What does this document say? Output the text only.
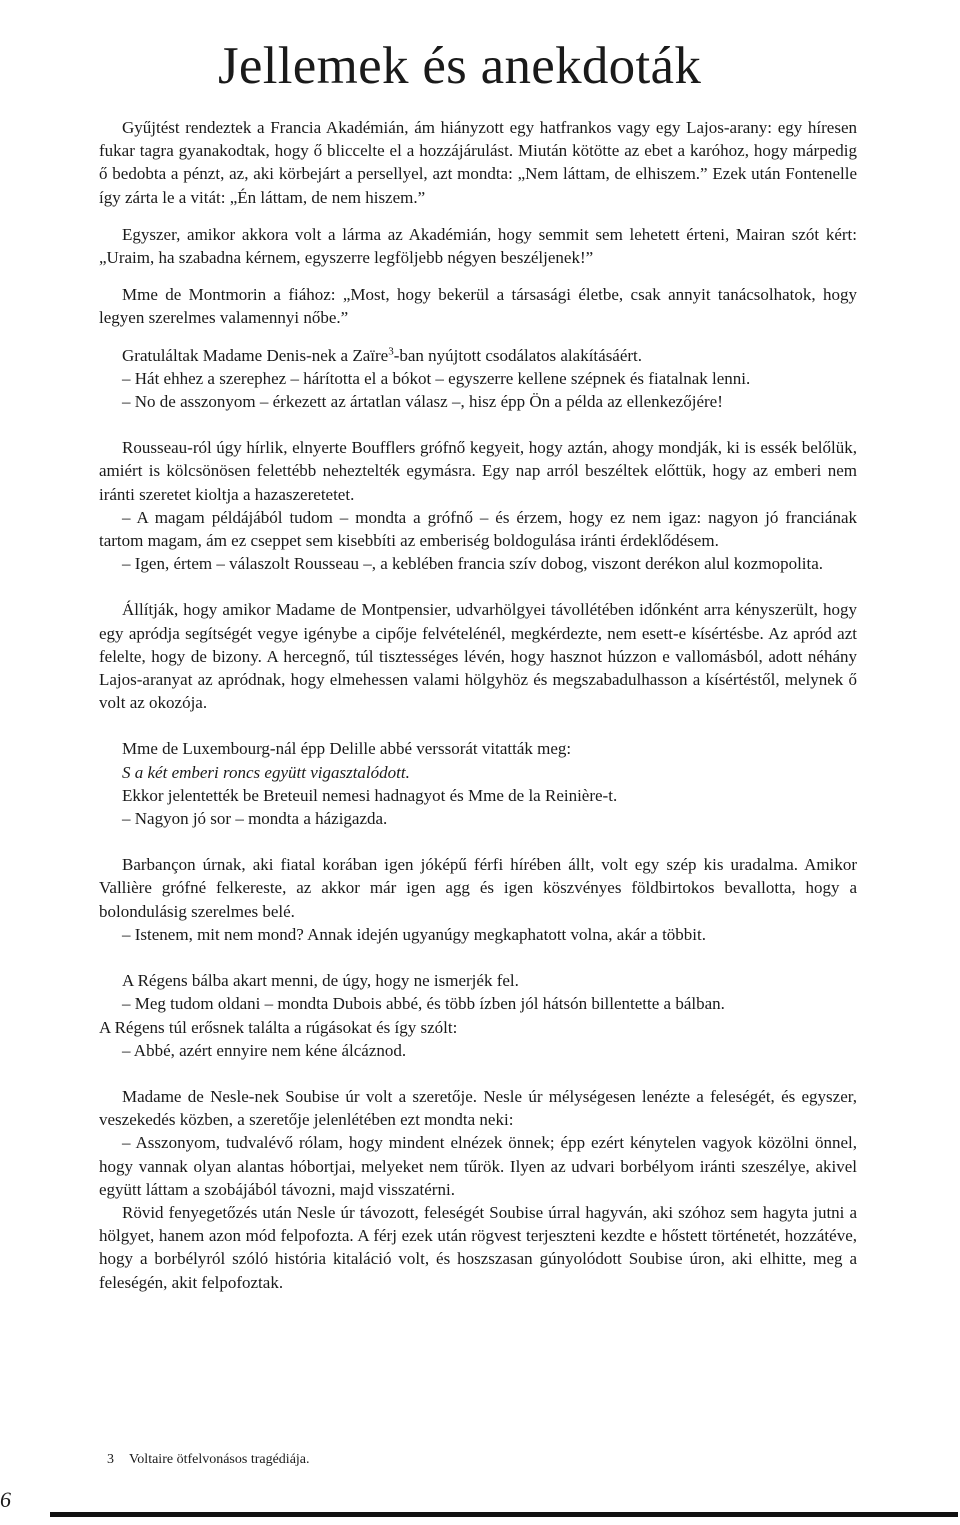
Jellemek és anekdoták

Gyűjtést rendeztek a Francia Akadémián, ám hiányzott egy hatfrankos vagy egy Lajos-arany: egy híresen fukar tagra gyanakodtak, hogy ő bliccelte el a hozzájárulást. Miután kötötte az ebet a karóhoz, hogy márpedig ő bedobta a pénzt, az, aki körbejárt a persellyel, azt mondta: „Nem láttam, de elhiszem.” Ezek után Fontenelle így zárta le a vitát: „Én láttam, de nem hiszem.”

Egyszer, amikor akkora volt a lárma az Akadémián, hogy semmit sem lehetett érteni, Mairan szót kért: „Uraim, ha szabadna kérnem, egyszerre legföljebb négyen beszéljenek!”

Mme de Montmorin a fiához: „Most, hogy bekerül a társasági életbe, csak annyit tanácsolhatok, hogy legyen szerelmes valamennyi nőbe.”

Gratuláltak Madame Denis-nek a Zaïre$^3$-ban nyújtott csodálatos alakításáért.

– Hát ehhez a szerephez – hárította el a bókot – egyszerre kellene szépnek és fiatalnak lenni.

– No de asszonyom – érkezett az ártatlan válasz –, hisz épp Ön a példa az ellenkezőjére!

Rousseau-ról úgy hírlik, elnyerte Boufflers grófnő kegyeit, hogy aztán, ahogy mondják, ki is essék belőlük, amiért is kölcsönösen felettébb neheztelték egymásra. Egy nap arról beszéltek előttük, hogy az emberi nem iránti szeretet kioltja a hazaszeretetet.

– A magam példájából tudom – mondta a grófnő – és érzem, hogy ez nem igaz: nagyon jó franciának tartom magam, ám ez cseppet sem kisebbíti az emberiség boldogulása iránti érdeklődésem.

– Igen, értem – válaszolt Rousseau –, a keblében francia szív dobog, viszont derékon alul kozmopolita.

Állítják, hogy amikor Madame de Montpensier, udvarhölgyei távollétében időnként arra kényszerült, hogy egy apródja segítségét vegye igénybe a cipője felvételénél, megkérdezte, nem esett-e kísértésbe. Az apród azt felelte, hogy de bizony. A hercegnő, túl tisztességes lévén, hogy hasznot húzzon e vallomásból, adott néhány Lajos-aranyat az apródnak, hogy elmehessen valami hölgyhöz és megszabadulhasson a kísértéstől, melynek ő volt az okozója.

Mme de Luxembourg-nál épp Delille abbé verssorát vitatták meg:

S a két emberi roncs együtt vigasztalódott.

Ekkor jelentették be Breteuil nemesi hadnagyot és Mme de la Reinière-t.

– Nagyon jó sor – mondta a házigazda.

Barbançon úrnak, aki fiatal korában igen jóképű férfi hírében állt, volt egy szép kis uradalma. Amikor Vallière grófné felkereste, az akkor már igen agg és igen köszvényes földbirtokos bevallotta, hogy a bolondulásig szerelmes belé.

– Istenem, mit nem mond? Annak idején ugyanúgy megkaphatott volna, akár a többit.

A Régens bálba akart menni, de úgy, hogy ne ismerjék fel.

– Meg tudom oldani – mondta Dubois abbé, és több ízben jól hátsón billentette a bálban.

A Régens túl erősnek találta a rúgásokat és így szólt:

– Abbé, azért ennyire nem kéne álcáznod.

Madame de Nesle-nek Soubise úr volt a szeretője. Nesle úr mélységesen lenézte a feleségét, és egyszer, veszekedés közben, a szeretője jelenlétében ezt mondta neki:

– Asszonyom, tudvalévő rólam, hogy mindent elnézek önnek; épp ezért kénytelen vagyok közölni önnel, hogy vannak olyan alantas hóbortjai, melyeket nem tűrök. Ilyen az udvari borbélyom iránti szeszélye, akivel együtt láttam a szobájából távozni, majd visszatérni.

Rövid fenyegetőzés után Nesle úr távozott, feleségét Soubise úrral hagyván, aki szóhoz sem hagyta jutni a hölgyet, hanem azon mód felpofozta. A férj ezek után rögvest terjeszteni kezdte e hőstett történetét, hozzátéve, hogy a borbélyról szóló história kitaláció volt, és hoszszasan gúnyolódott Soubise úron, aki elhitte, meg a feleségén, akit felpofoztak.

3 Voltaire ötfelvonásos tragédiája.
6
